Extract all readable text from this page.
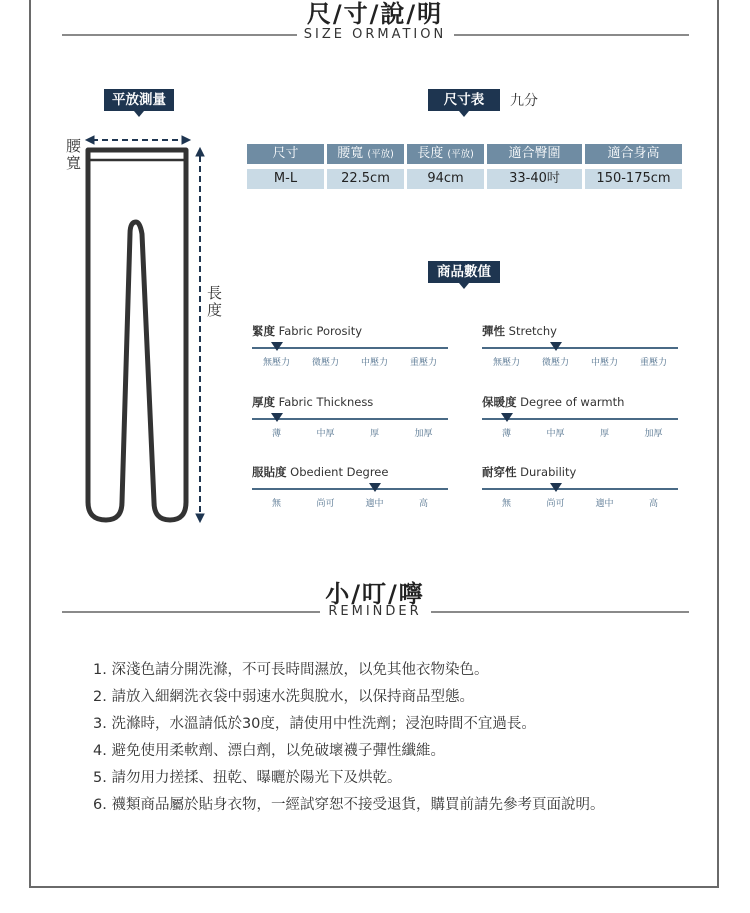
尺/寸/說/明
SIZE ORMATION
平放測量	尺寸表	九分
商品數值
腰
寬
長
度
尺寸	腰寬 (平放)	長度 (平放)	適合臀圍	適合身高
M-L	22.5cm	94cm	33-40吋	150-175cm
緊度 Fabric Porosity
無壓力	微壓力	中壓力	重壓力
彈性 Stretchy
無壓力	微壓力	中壓力	重壓力
厚度 Fabric Thickness
薄	中厚	厚	加厚
保暖度 Degree of warmth
薄	中厚	厚	加厚
服貼度 Obedient Degree
無	尚可	適中	高
耐穿性 Durability
無	尚可	適中	高
小/叮/嚀
REMINDER
1. 深淺色請分開洗滌，不可長時間濕放，以免其他衣物染色。
2. 請放入細網洗衣袋中弱速水洗與脫水，以保持商品型態。
3. 洗滌時，水溫請低於30度，請使用中性洗劑；浸泡時間不宜過長。
4. 避免使用柔軟劑、漂白劑，以免破壞襪子彈性纖維。
5. 請勿用力搓揉、扭乾、曝曬於陽光下及烘乾。
6. 襪類商品屬於貼身衣物，一經試穿恕不接受退貨，購買前請先參考頁面說明。
